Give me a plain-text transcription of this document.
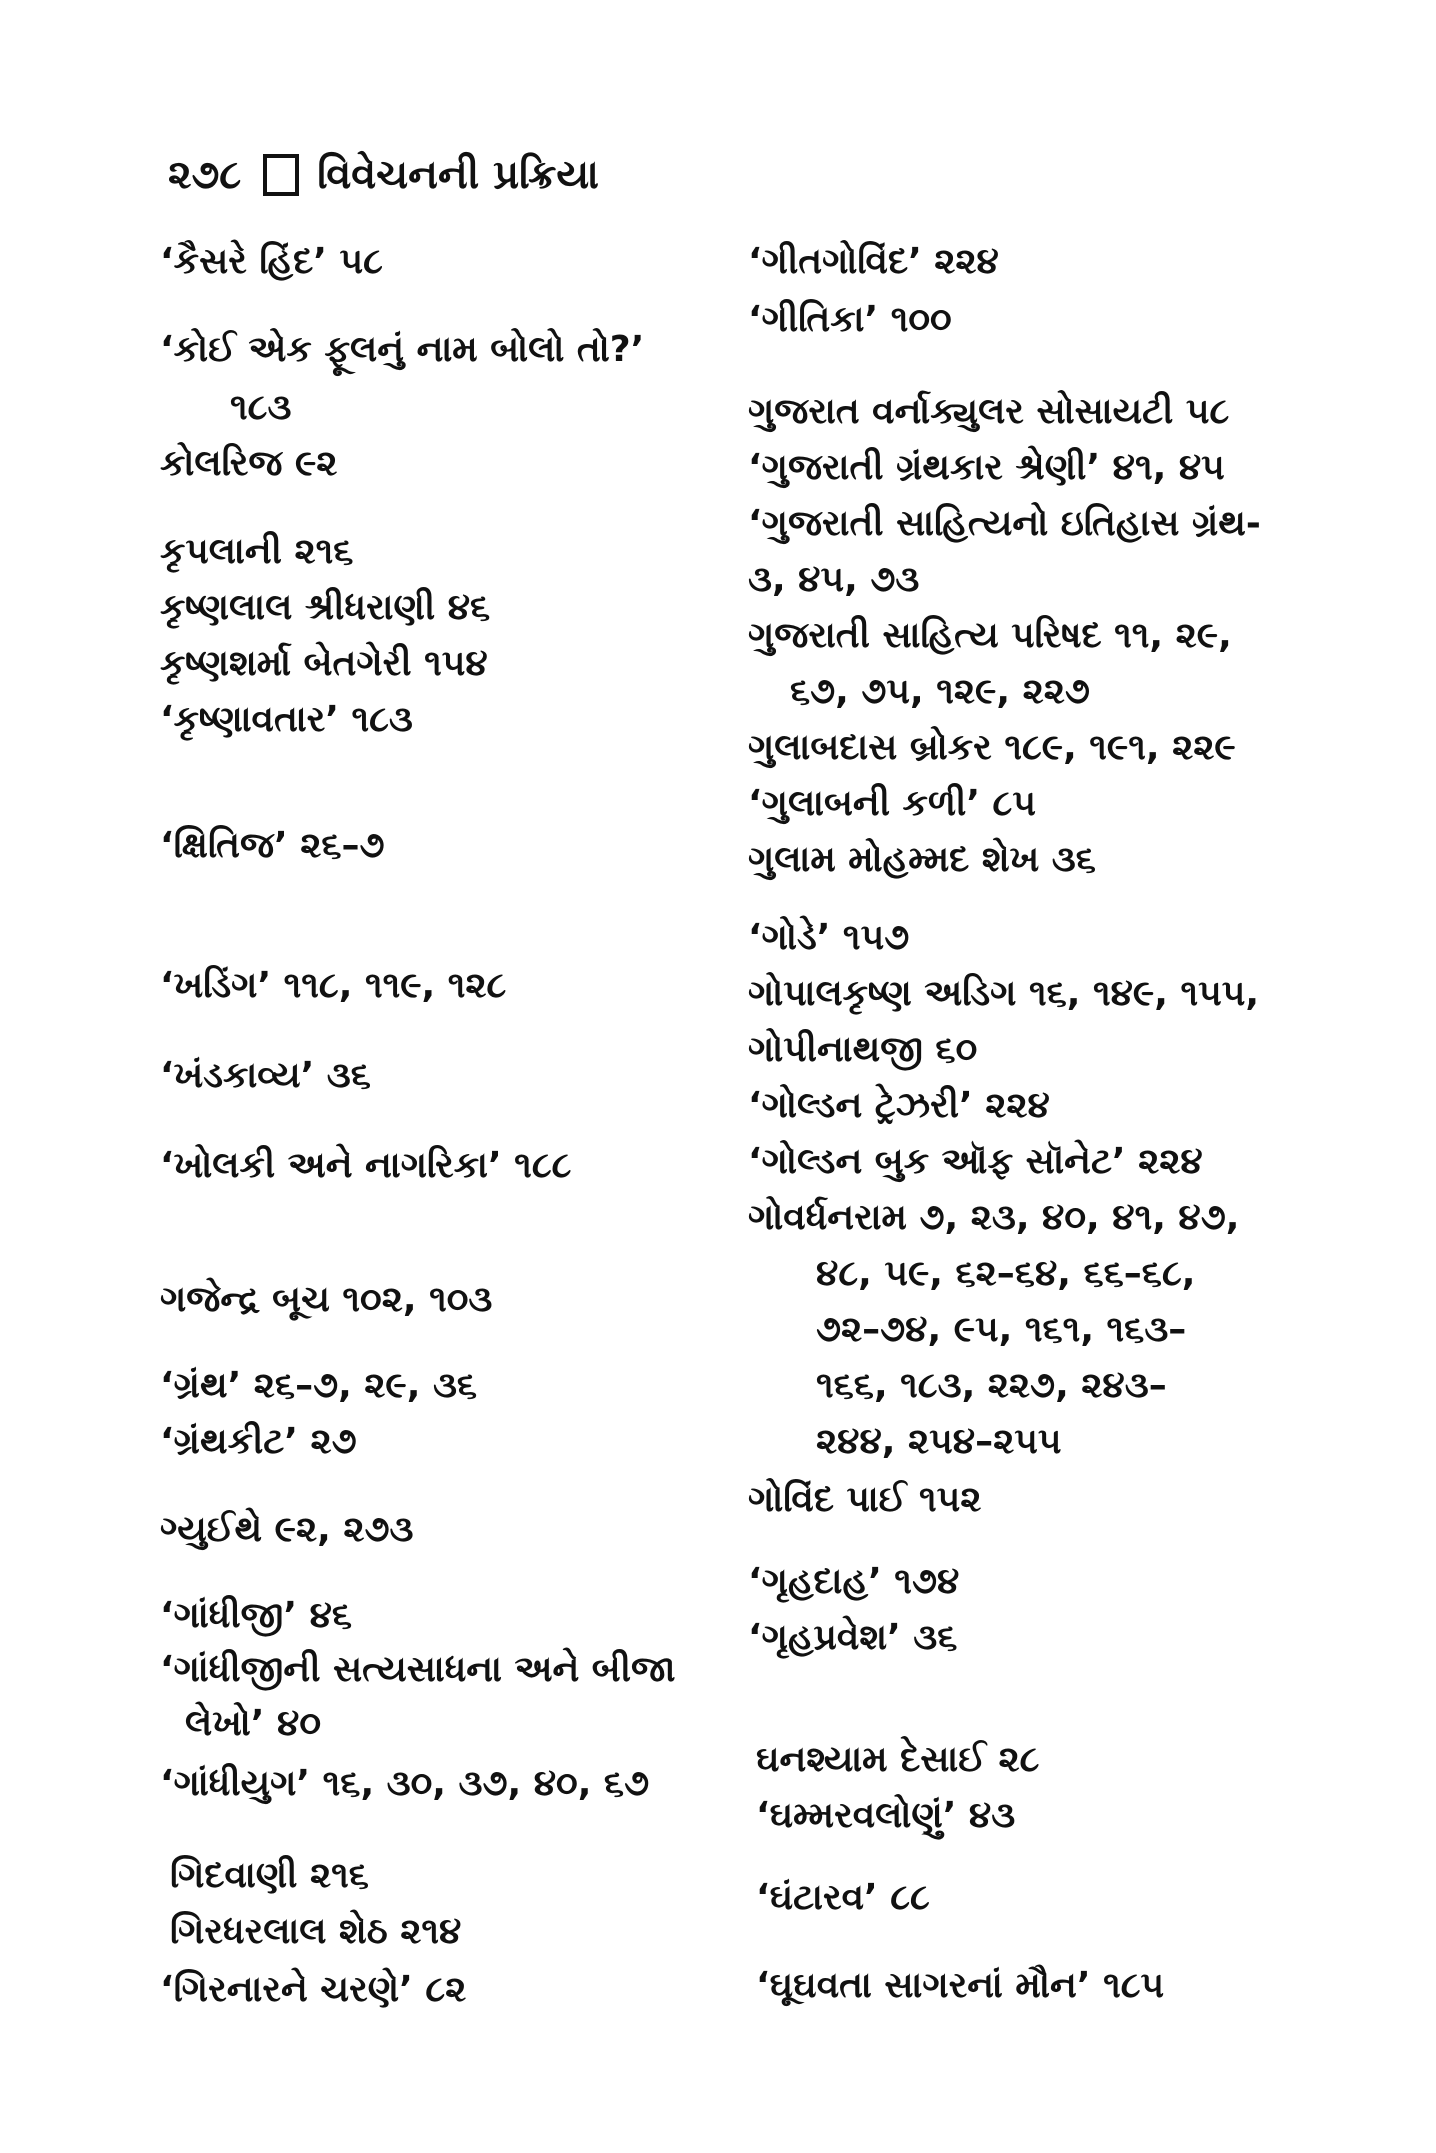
૨૭૮ વિવેચનની પ્રક્રિયા
‘કૈસરે હિંદ’ ૫૮
‘કોઈ એક ફૂલનું નામ બોલો તો?’
૧૮૩
કોલરિજ ૯૨
કૃપલાની ૨૧૬
કૃષ્ણલાલ શ્રીધરાણી ૪૬
કૃષ્ણશર્મા બેતગેરી ૧૫૪
‘કૃષ્ણાવતાર’ ૧૮૩
‘ક્ષિતિજ’ ૨૬–૭
‘ખડિંગ’ ૧૧૮, ૧૧૯, ૧૨૮
‘ખંડકાવ્ય’ ૩૬
‘ખોલકી અને નાગરિકા’ ૧૮૮
ગજેન્દ્ર બૂચ ૧૦૨, ૧૦૩
‘ગ્રંથ’ ૨૬–૭, ૨૯, ૩૬
‘ગ્રંથકીટ’ ૨૭
ગ્યુઈથે ૯૨, ૨૭૩
‘ગાંધીજી’ ૪૬
‘ગાંધીજીની સત્યસાધના અને બીજા
લેખો’ ૪૦
‘ગાંધીયુગ’ ૧૬, ૩૦, ૩૭, ૪૦, ૬૭
ગિદવાણી ૨૧૬
ગિરધરલાલ શેઠ ૨૧૪
‘ગિરનારને ચરણે’ ૮૨
‘ગીતગોવિંદ’ ૨૨૪
‘ગીતિકા’ ૧૦૦
ગુજરાત વર્નાક્યુલર સોસાયટી ૫૮
‘ગુજરાતી ગ્રંથકાર શ્રેણી’ ૪૧, ૪૫
‘ગુજરાતી સાહિત્યનો ઇતિહાસ ગ્રંથ-
૩, ૪૫, ૭૩
ગુજરાતી સાહિત્ય પરિષદ ૧૧, ૨૯,
૬૭, ૭૫, ૧૨૯, ૨૨૭
ગુલાબદાસ બ્રોકર ૧૮૯, ૧૯૧, ૨૨૯
‘ગુલાબની કળી’ ૮૫
ગુલામ મોહમ્મદ શેખ ૩૬
‘ગોડે’ ૧૫૭
ગોપાલકૃષ્ણ અડિગ ૧૬, ૧૪૯, ૧૫૫,
ગોપીનાથજી ૬૦
‘ગોલ્ડન ટ્રેઝરી’ ૨૨૪
‘ગોલ્ડન બુક ઑફ સૉનેટ’ ૨૨૪
ગોવર્ધનરામ ૭, ૨૩, ૪૦, ૪૧, ૪૭,
૪૮, ૫૯, ૬૨–૬૪, ૬૬–૬૮,
૭૨–૭૪, ૯૫, ૧૬૧, ૧૬૩–
૧૬૬, ૧૮૩, ૨૨૭, ૨૪૩–
૨૪૪, ૨૫૪–૨૫૫
ગોવિંદ પાઈ ૧૫૨
‘ગૃહદાહ’ ૧૭૪
‘ગૃહપ્રવેશ’ ૩૬
ઘનશ્યામ દેસાઈ ૨૮
‘ઘમ્મરવલોણું’ ૪૩
‘ઘંટારવ’ ૮૮
‘ઘૂઘવતા સાગરનાં મૌન’ ૧૮૫
